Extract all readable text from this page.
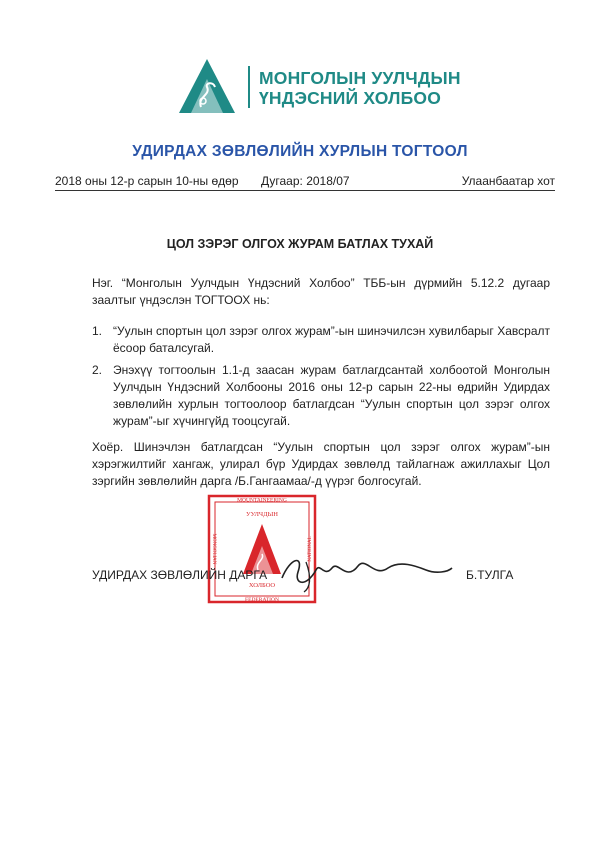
МОНГОЛЫН УУЛЧДЫН
ҮНДЭСНИЙ ХОЛБОО
УДИРДАХ ЗӨВЛӨЛИЙН ХУРЛЫН ТОГТООЛ
2018 оны 12-р сарын 10-ны өдөр Дугаар: 2018/07	Улаанбаатар хот
ЦОЛ ЗЭРЭГ ОЛГОХ ЖУРАМ БАТЛАХ ТУХАЙ
Нэг. “Монголын Уулчдын Үндэсний Холбоо” ТББ-ын дүрмийн 5.12.2 дугаар заалтыг үндэслэн ТОГТООХ нь:
1. “Уулын спортын цол зэрэг олгох журам”-ын шинэчилсэн хувилбарыг Хавсралт ёсоор баталсугай.
2. Энэхүү тогтоолын 1.1-д заасан журам батлагдсантай холбоотой Монголын Уулчдын Үндэсний Холбооны 2016 оны 12-р сарын 22-ны өдрийн Удирдах зөвлөлийн хурлын тогтоолоор батлагдсан “Уулын спортын цол зэрэг олгох журам”-ыг хүчингүйд тооцсугай.
Хоёр. Шинэчлэн батлагдсан “Уулын спортын цол зэрэг олгох журам”-ын хэрэгжилтийг хангаж, улирал бүр Удирдах зөвлөлд тайлагнаж ажиллахыг Цол зэргийн зөвлөлийн дарга /Б.Гангаамаа/-д үүрэг болгосугай.
MOUNTAINEERING
FEDERATION
MONGOLIAN	NATIONAL
УУЛЧДЫН
ХОЛБОО
УДИРДАХ ЗӨВЛӨЛИЙН ДАРГА	Б.ТУЛГА
